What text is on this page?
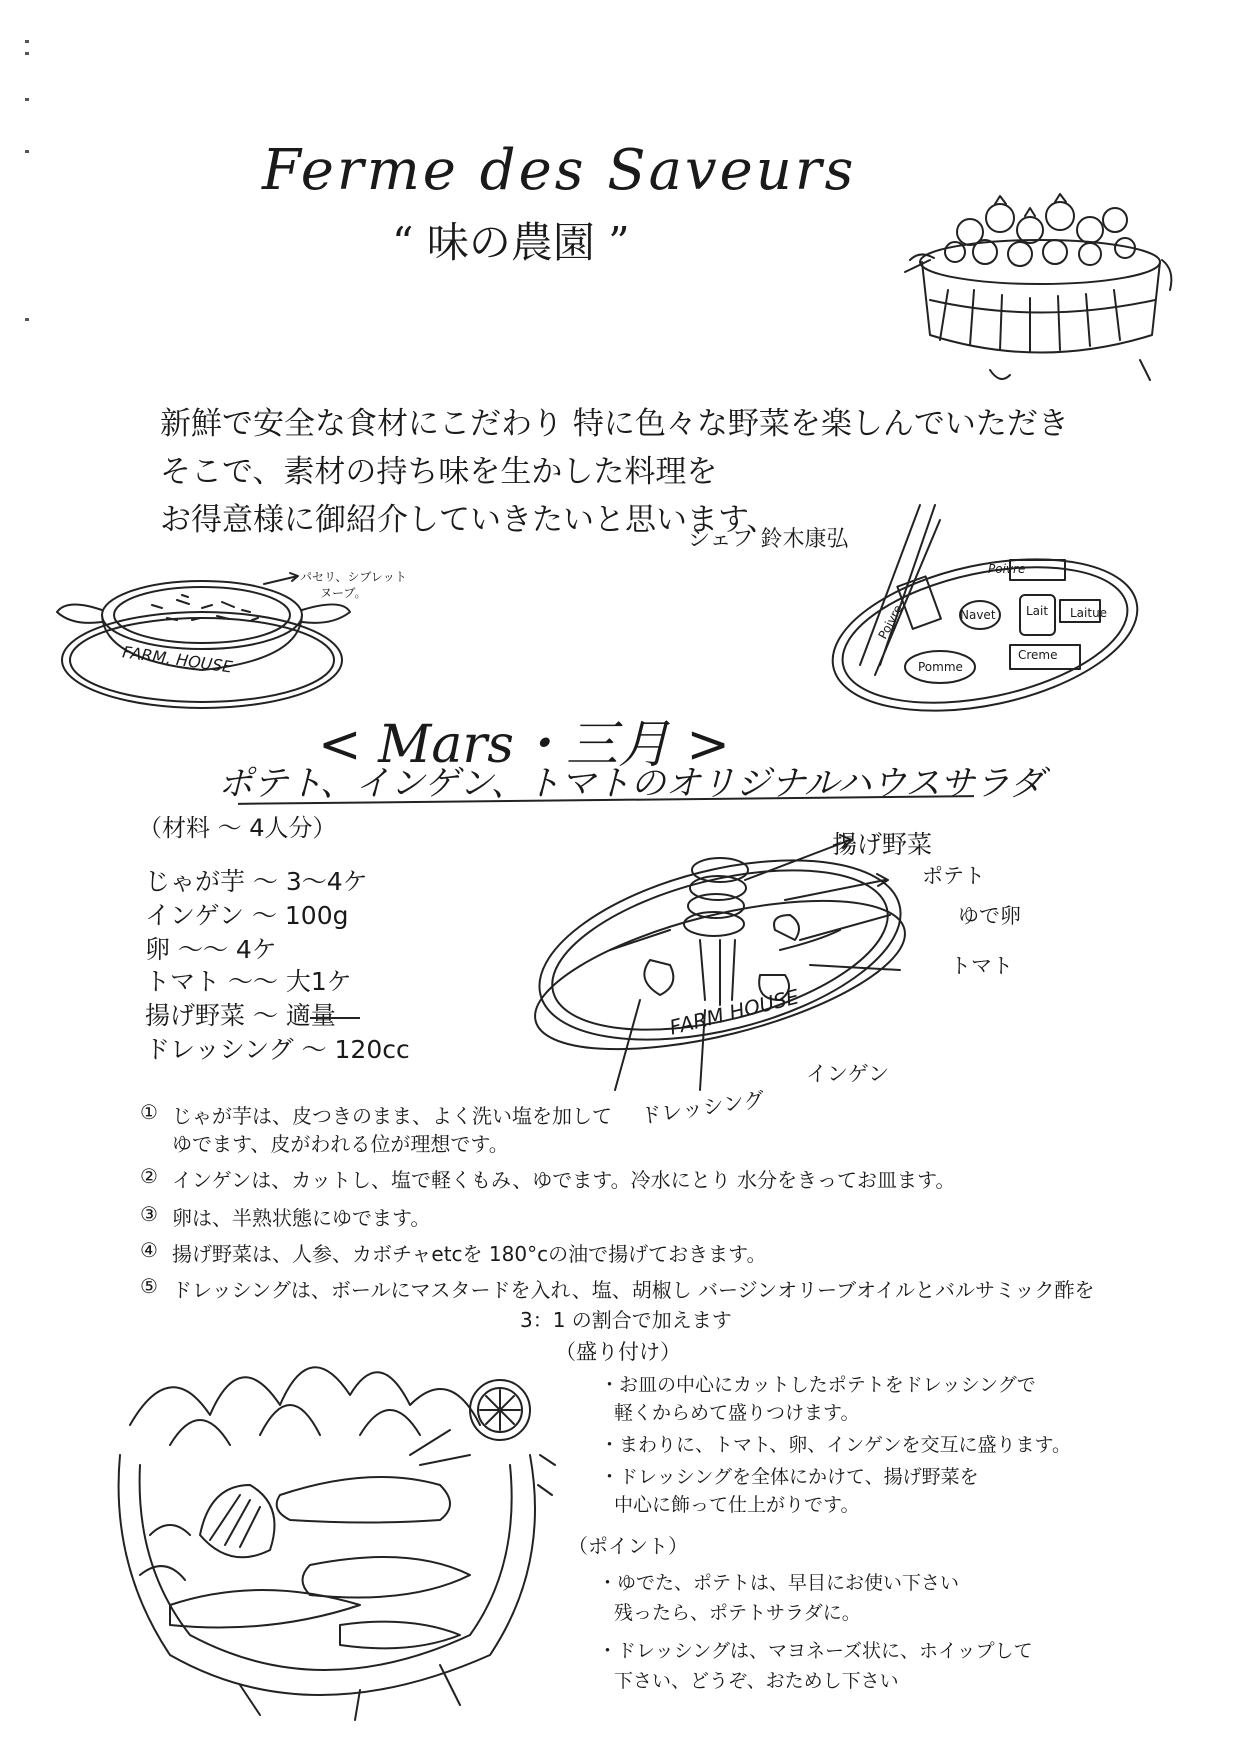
Ferme des Saveurs
“ 味の農園 ”
新鮮で安全な食材にこだわり 特に色々な野菜を楽しんでいただき
そこで、素材の持ち味を生かした料理を
お得意様に御紹介していきたいと思います、
シェフ 鈴木康弘
FARM. HOUSE
パセリ、シブレット
ヌーブ。
Poivre
Poivre
Pomme
Lait Laitue
Creme
Navet
< Mars・三月 >
ポテト、インゲン、トマトのオリジナルハウスサラダ
（材料 〜 4人分）
じゃが芋 〜 3〜4ケ
インゲン 〜 100g
卵 〜〜 4ケ
トマト 〜〜 大1ケ
揚げ野菜 〜 適量
ドレッシング 〜 120cc
FARM HOUSE
揚げ野菜
ポテト
ゆで卵
トマト
インゲン
ドレッシング
① じゃが芋は、皮つきのまま、よく洗い塩を加して
ゆでます、皮がわれる位が理想です。
② インゲンは、カットし、塩で軽くもみ、ゆでます。冷水にとり 水分をきってお皿ます。
③ 卵は、半熟状態にゆでます。
④ 揚げ野菜は、人参、カボチャetcを 180°cの油で揚げておきます。
⑤ ドレッシングは、ボールにマスタードを入れ、塩、胡椒し バージンオリーブオイルとバルサミック酢を
3：1 の割合で加えます
（盛り付け）
・お皿の中心にカットしたポテトをドレッシングで
軽くからめて盛りつけます。
・まわりに、トマト、卵、インゲンを交互に盛ります。
・ドレッシングを全体にかけて、揚げ野菜を
中心に飾って仕上がりです。
（ポイント）
・ゆでた、ポテトは、早目にお使い下さい
残ったら、ポテトサラダに。
・ドレッシングは、マヨネーズ状に、ホイップして
下さい、どうぞ、おためし下さい
